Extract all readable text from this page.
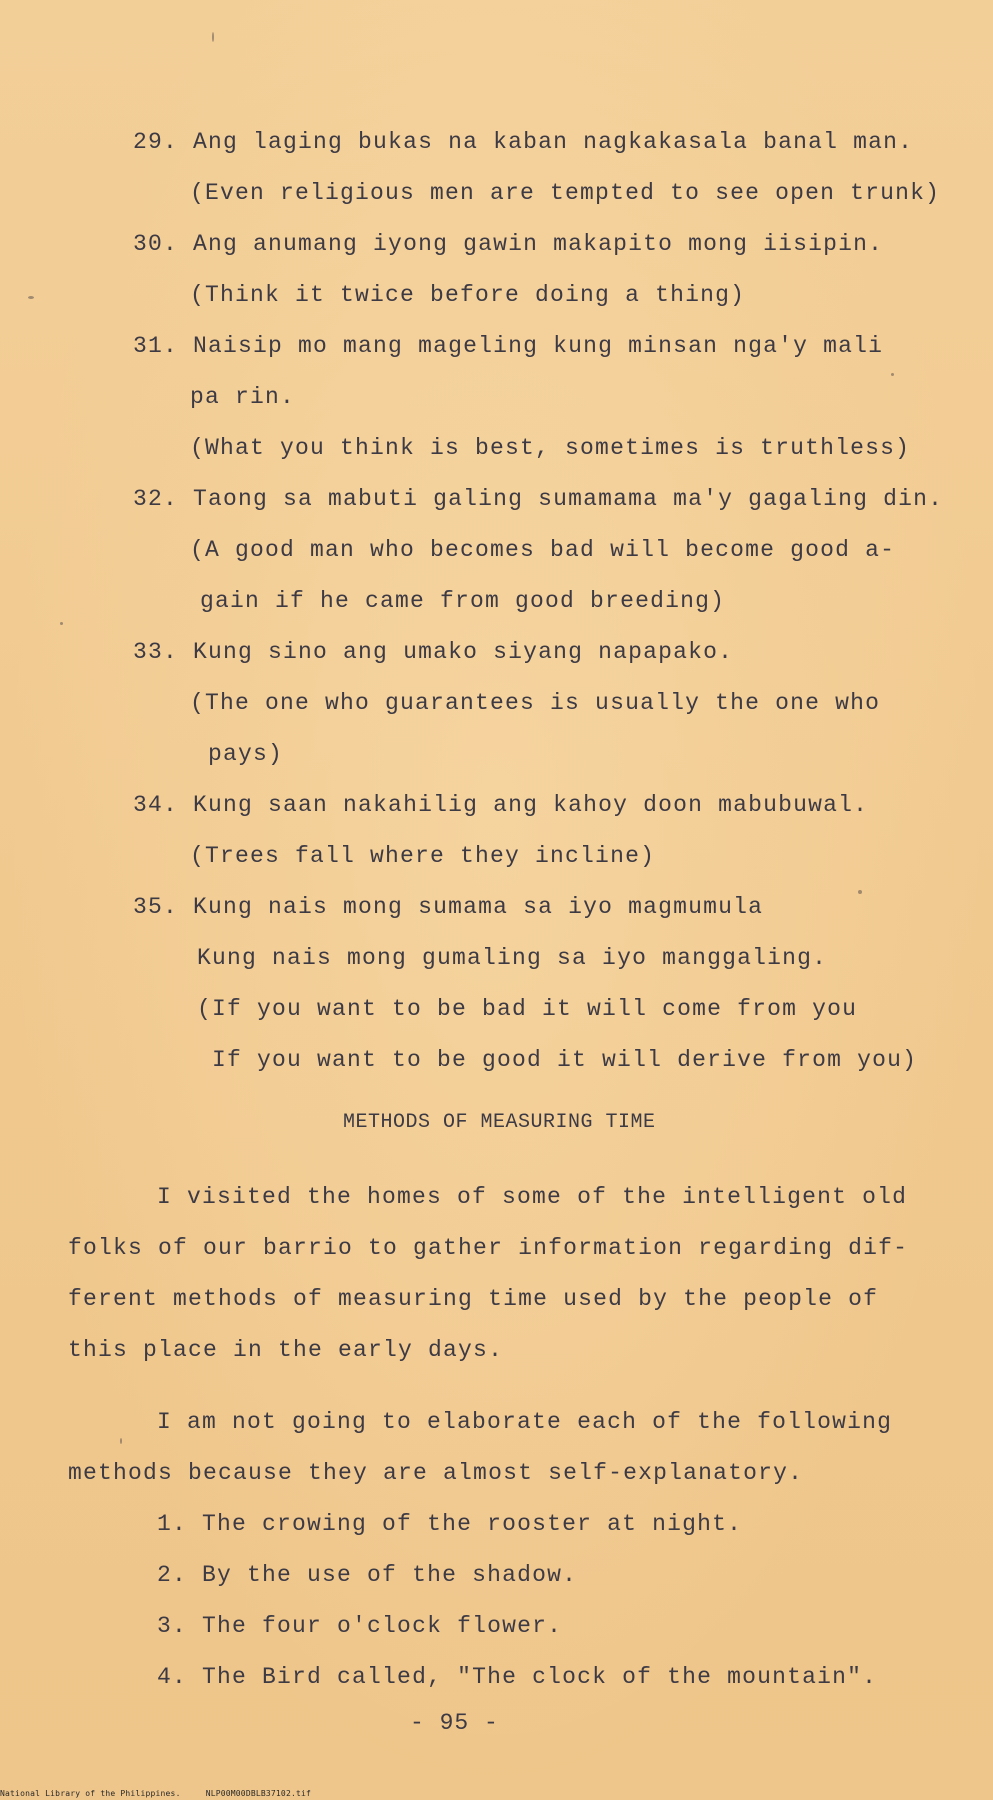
29. Ang laging bukas na kaban nagkakasala banal man.
(Even religious men are tempted to see open trunk)
30. Ang anumang iyong gawin makapito mong iisipin.
(Think it twice before doing a thing)
31. Naisip mo mang mageling kung minsan nga'y mali
pa rin.
(What you think is best, sometimes is truthless)
32. Taong sa mabuti galing sumamama ma'y gagaling din.
(A good man who becomes bad will become good a-
gain if he came from good breeding)
33. Kung sino ang umako siyang napapako.
(The one who guarantees is usually the one who
pays)
34. Kung saan nakahilig ang kahoy doon mabubuwal.
(Trees fall where they incline)
35. Kung nais mong sumama sa iyo magmumula
Kung nais mong gumaling sa iyo manggaling.
(If you want to be bad it will come from you
If you want to be good it will derive from you)
METHODS OF MEASURING TIME
I visited the homes of some of the intelligent old
folks of our barrio to gather information regarding dif-
ferent methods of measuring time used by the people of
this place in the early days.
I am not going to elaborate each of the following
methods because they are almost self-explanatory.
1. The crowing of the rooster at night.
2. By the use of the shadow.
3. The four o'clock flower.
4. The Bird called, "The clock of the mountain".
- 95 -
National Library of the Philippines.	NLP00M00DBLB37102.tif
